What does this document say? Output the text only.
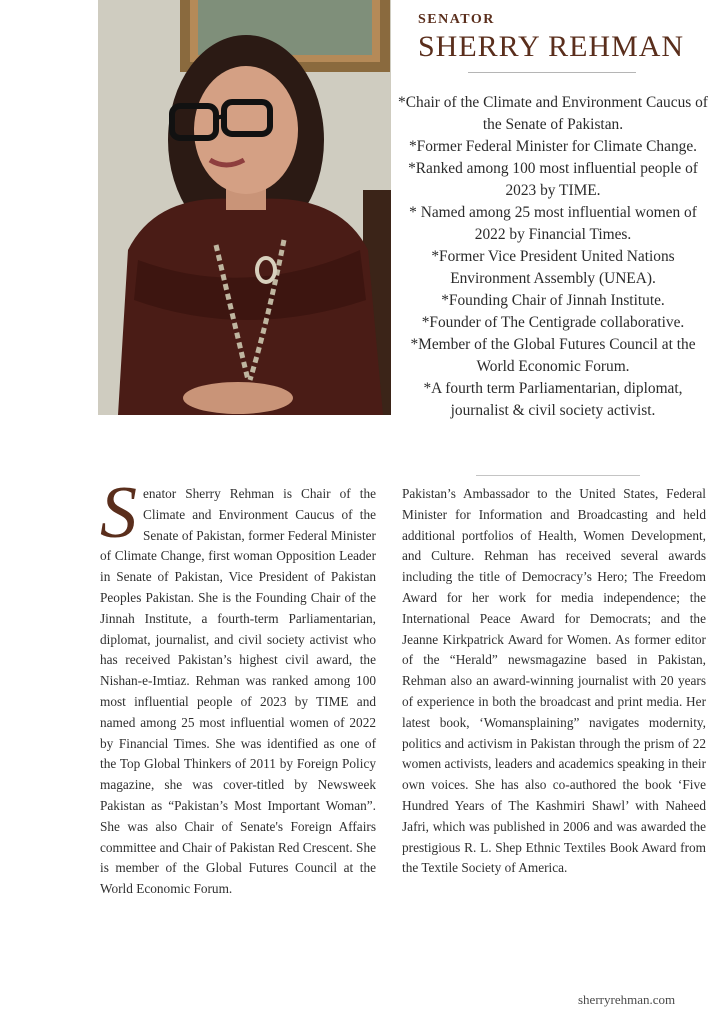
SENATOR
SHERRY REHMAN
*Chair of the Climate and Environment Caucus of the Senate of Pakistan.
*Former Federal Minister for Climate Change.
*Ranked among 100 most influential people of 2023 by TIME.
* Named among 25 most influential women of 2022 by Financial Times.
*Former Vice President United Nations Environment Assembly (UNEA).
*Founding Chair of Jinnah Institute.
*Founder of The Centigrade collaborative.
*Member of the Global Futures Council at the World Economic Forum.
*A fourth term Parliamentarian, diplomat, journalist & civil society activist.
S enator Sherry Rehman is Chair of the Climate and Environment Caucus of the Senate of Pakistan, former Federal Minister of Climate Change, first woman Opposition Leader in Senate of Pakistan, Vice President of Pakistan Peoples Pakistan. She is the Founding Chair of the Jinnah Institute, a fourth-term Parliamentarian, diplomat, journalist, and civil society activist who has received Pakistan’s highest civil award, the Nishan-e-Imtiaz. Rehman was ranked among 100 most influential people of 2023 by TIME and named among 25 most influential women of 2022 by Financial Times. She was identified as one of the Top Global Thinkers of 2011 by Foreign Policy magazine, she was cover-titled by Newsweek Pakistan as “Pakistan’s Most Important Woman”. She was also Chair of Senate's Foreign Affairs committee and Chair of Pakistan Red Crescent. She is member of the Global Futures Council at the World Economic Forum.
Pakistan’s Ambassador to the United States, Federal Minister for Information and Broadcasting and held additional portfolios of Health, Women Development, and Culture. Rehman has received several awards including the title of Democracy’s Hero; The Freedom Award for her work for media independence; the International Peace Award for Democrats; and the Jeanne Kirkpatrick Award for Women. As former editor of the “Herald” newsmagazine based in Pakistan, Rehman also an award-winning journalist with 20 years of experience in both the broadcast and print media. Her latest book, ‘Womansplaining” navigates modernity, politics and activism in Pakistan through the prism of 22 women activists, leaders and academics speaking in their own voices. She has also co-authored the book ‘Five Hundred Years of The Kashmiri Shawl’ with Naheed Jafri, which was published in 2006 and was awarded the prestigious R. L. Shep Ethnic Textiles Book Award from the Textile Society of America.
sherryrehman.com
